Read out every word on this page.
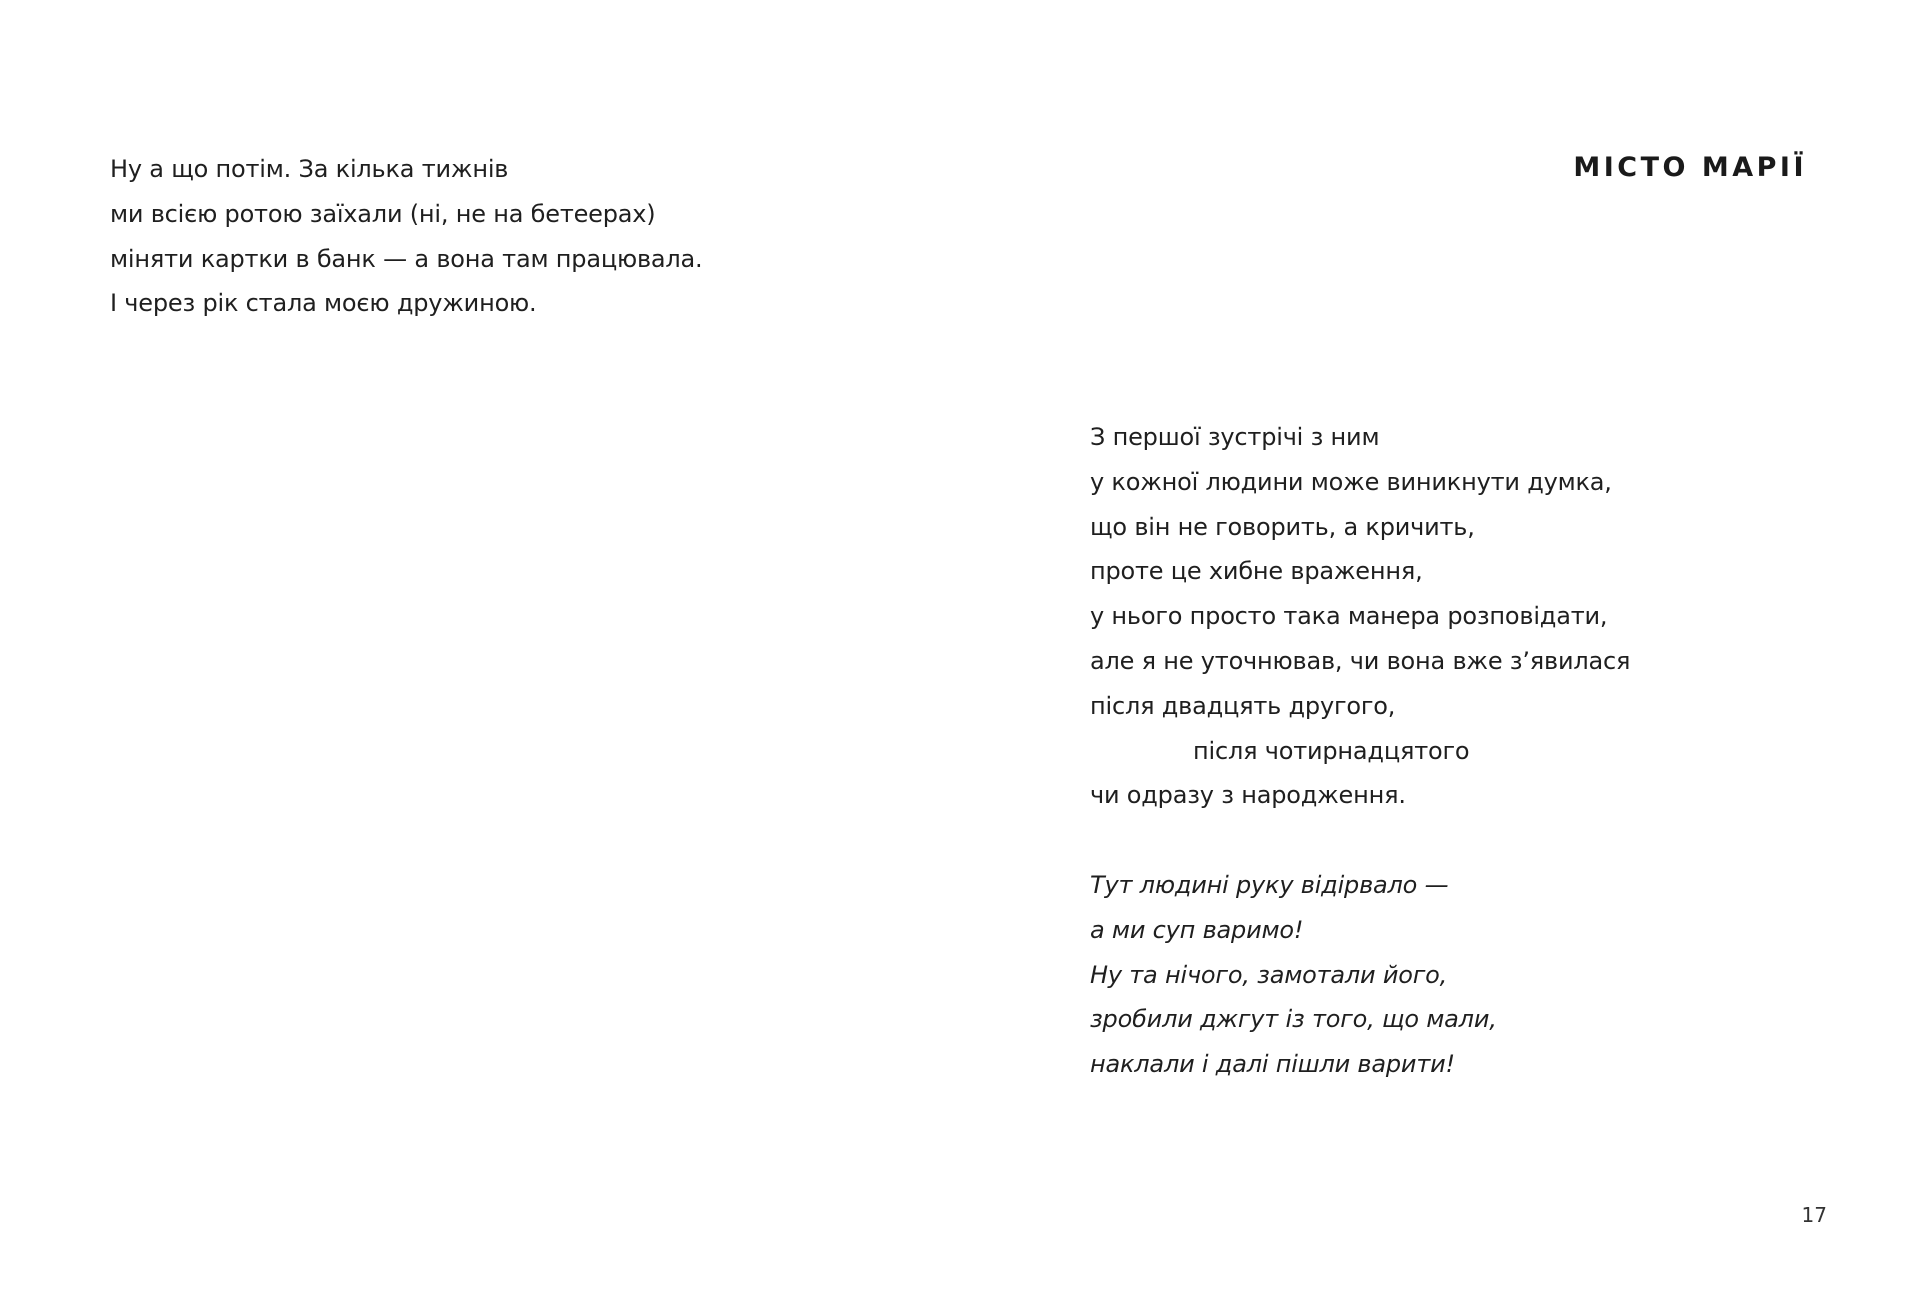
Ну а що потім. За кілька тижнів
ми всією ротою заїхали (ні, не на бетеерах)
міняти картки в банк — а вона там працювала.
І через рік стала моєю дружиною.
МІСТО МАРІЇ
З першої зустрічі з ним
у кожної людини може виникнути думка,
що він не говорить, а кричить,
проте це хибне враження,
у нього просто така манера розповідати,
але я не уточнював, чи вона вже з’явилася
після двадцять другого,
після чотирнадцятого
чи одразу з народження.
Тут людині руку відірвало —
а ми суп варимо!
Ну та нічого, замотали його,
зробили джгут із того, що мали,
наклали і далі пішли варити!
17
